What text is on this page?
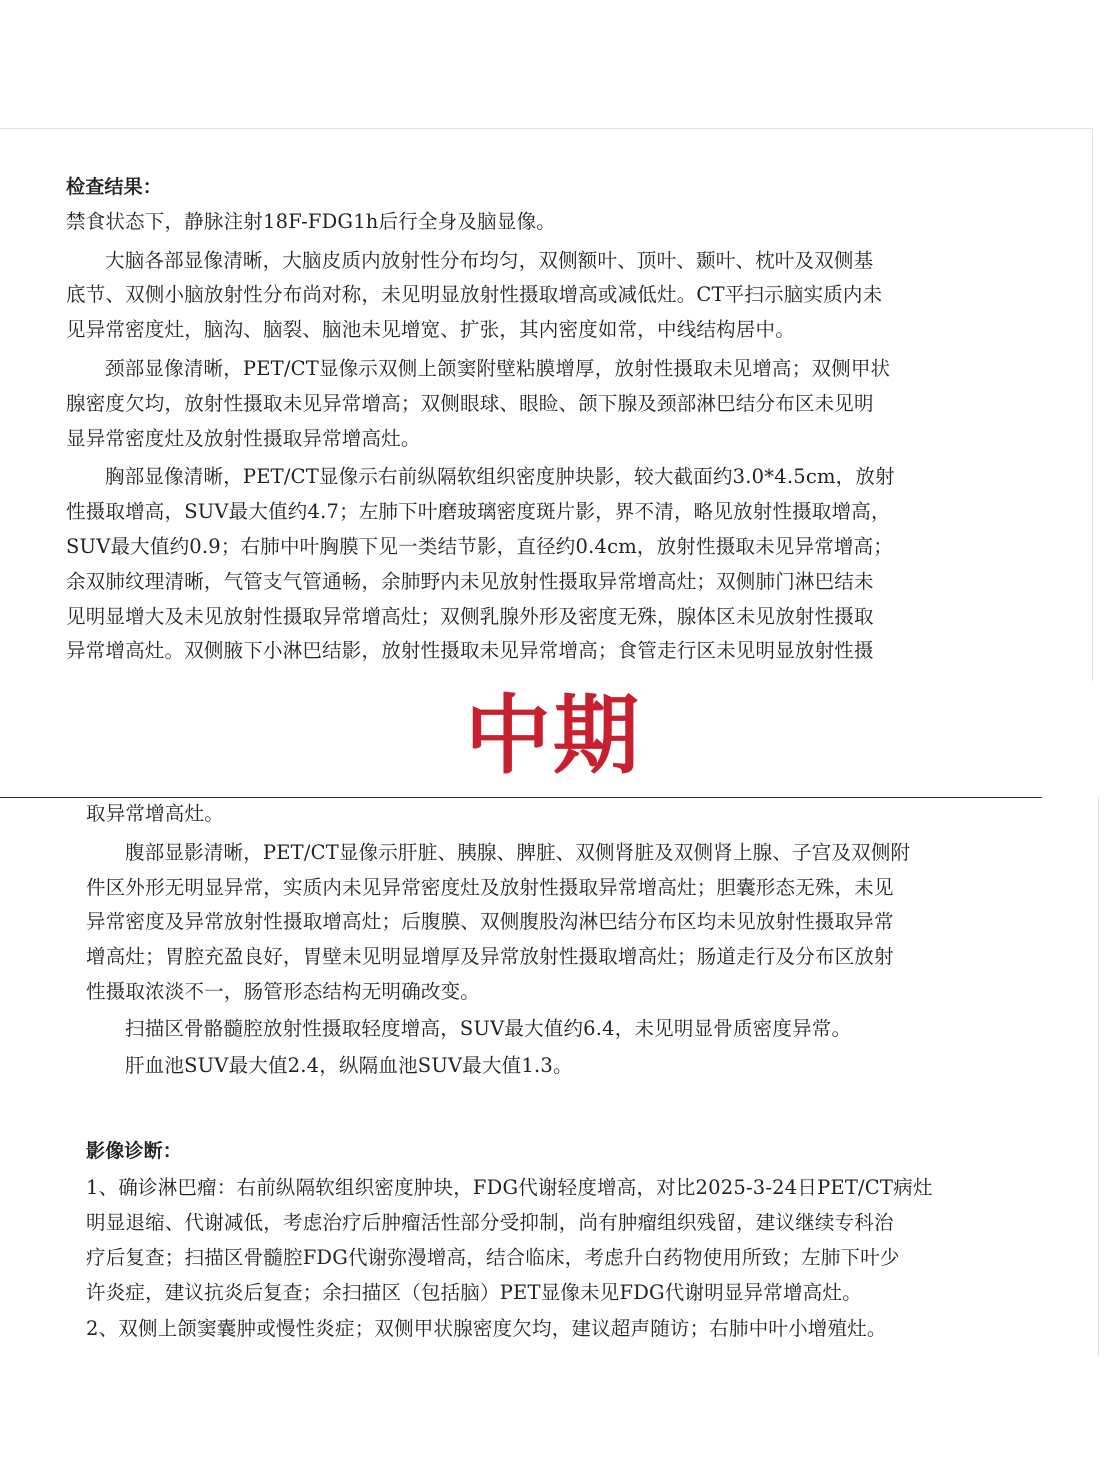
检查结果：

禁食状态下，静脉注射18F-FDG1h后行全身及脑显像。

大脑各部显像清晰，大脑皮质内放射性分布均匀，双侧额叶、顶叶、颞叶、枕叶及双侧基

底节、双侧小脑放射性分布尚对称，未见明显放射性摄取增高或减低灶。CT平扫示脑实质内未

见异常密度灶，脑沟、脑裂、脑池未见增宽、扩张，其内密度如常，中线结构居中。

颈部显像清晰，PET/CT显像示双侧上颌窦附壁粘膜增厚，放射性摄取未见增高；双侧甲状

腺密度欠均，放射性摄取未见异常增高；双侧眼球、眼睑、颌下腺及颈部淋巴结分布区未见明

显异常密度灶及放射性摄取异常增高灶。

胸部显像清晰，PET/CT显像示右前纵隔软组织密度肿块影，较大截面约3.0*4.5cm，放射

性摄取增高，SUV最大值约4.7；左肺下叶磨玻璃密度斑片影，界不清，略见放射性摄取增高，

SUV最大值约0.9；右肺中叶胸膜下见一类结节影，直径约0.4cm，放射性摄取未见异常增高；

余双肺纹理清晰，气管支气管通畅，余肺野内未见放射性摄取异常增高灶；双侧肺门淋巴结未

见明显增大及未见放射性摄取异常增高灶；双侧乳腺外形及密度无殊，腺体区未见放射性摄取

异常增高灶。双侧腋下小淋巴结影，放射性摄取未见异常增高；食管走行区未见明显放射性摄

中期

取异常增高灶。

腹部显影清晰，PET/CT显像示肝脏、胰腺、脾脏、双侧肾脏及双侧肾上腺、子宫及双侧附

件区外形无明显异常，实质内未见异常密度灶及放射性摄取异常增高灶；胆囊形态无殊，未见

异常密度及异常放射性摄取增高灶；后腹膜、双侧腹股沟淋巴结分布区均未见放射性摄取异常

增高灶；胃腔充盈良好，胃壁未见明显增厚及异常放射性摄取增高灶；肠道走行及分布区放射

性摄取浓淡不一，肠管形态结构无明确改变。

扫描区骨骼髓腔放射性摄取轻度增高，SUV最大值约6.4，未见明显骨质密度异常。

肝血池SUV最大值2.4，纵隔血池SUV最大值1.3。

影像诊断：

1、确诊淋巴瘤：右前纵隔软组织密度肿块，FDG代谢轻度增高，对比2025-3-24日PET/CT病灶

明显退缩、代谢减低，考虑治疗后肿瘤活性部分受抑制，尚有肿瘤组织残留，建议继续专科治

疗后复查；扫描区骨髓腔FDG代谢弥漫增高，结合临床，考虑升白药物使用所致；左肺下叶少

许炎症，建议抗炎后复查；余扫描区（包括脑）PET显像未见FDG代谢明显异常增高灶。

2、双侧上颌窦囊肿或慢性炎症；双侧甲状腺密度欠均，建议超声随访；右肺中叶小增殖灶。
